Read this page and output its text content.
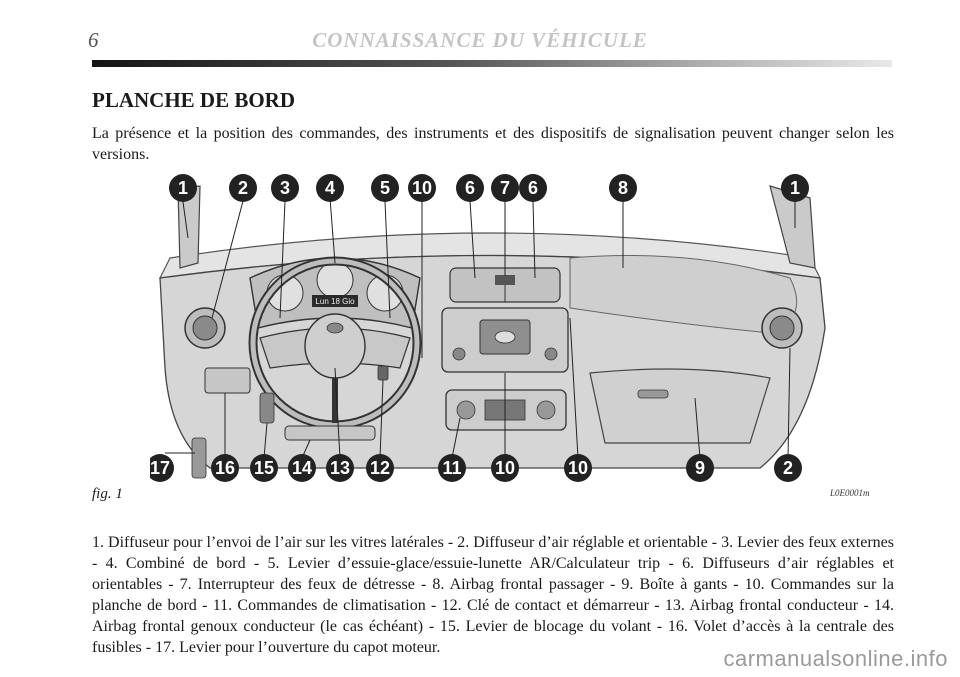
6	CONNAISSANCE DU VÉHICULE
PLANCHE DE BORD
La présence et la position des commandes, des instruments et des dispositifs de signalisation peuvent changer selon les versions.
Lun 18 Gio
1	2 3 4 5 10 6 7 6	8	1
17 16 15 14 13 12	11 10	10	9	2
fig. 1	L0E0001m
1. Diffuseur pour l’envoi de l’air sur les vitres latérales - 2. Diffuseur d’air réglable et orientable - 3. Levier des feux externes - 4. Combiné de bord - 5. Levier d’essuie-glace/essuie-lunette AR/Calculateur trip - 6. Diffuseurs d’air réglables et orientables - 7. Interrupteur des feux de détresse - 8. Airbag frontal passager - 9. Boîte à gants - 10. Commandes sur la planche de bord - 11. Commandes de climatisation - 12. Clé de contact et démarreur - 13. Airbag frontal conducteur - 14. Airbag frontal genoux conducteur (le cas échéant) - 15. Levier de blocage du volant - 16. Volet d’accès à la centrale des fusibles - 17. Levier pour l’ouverture du capot moteur.	carmanualsonline.info
